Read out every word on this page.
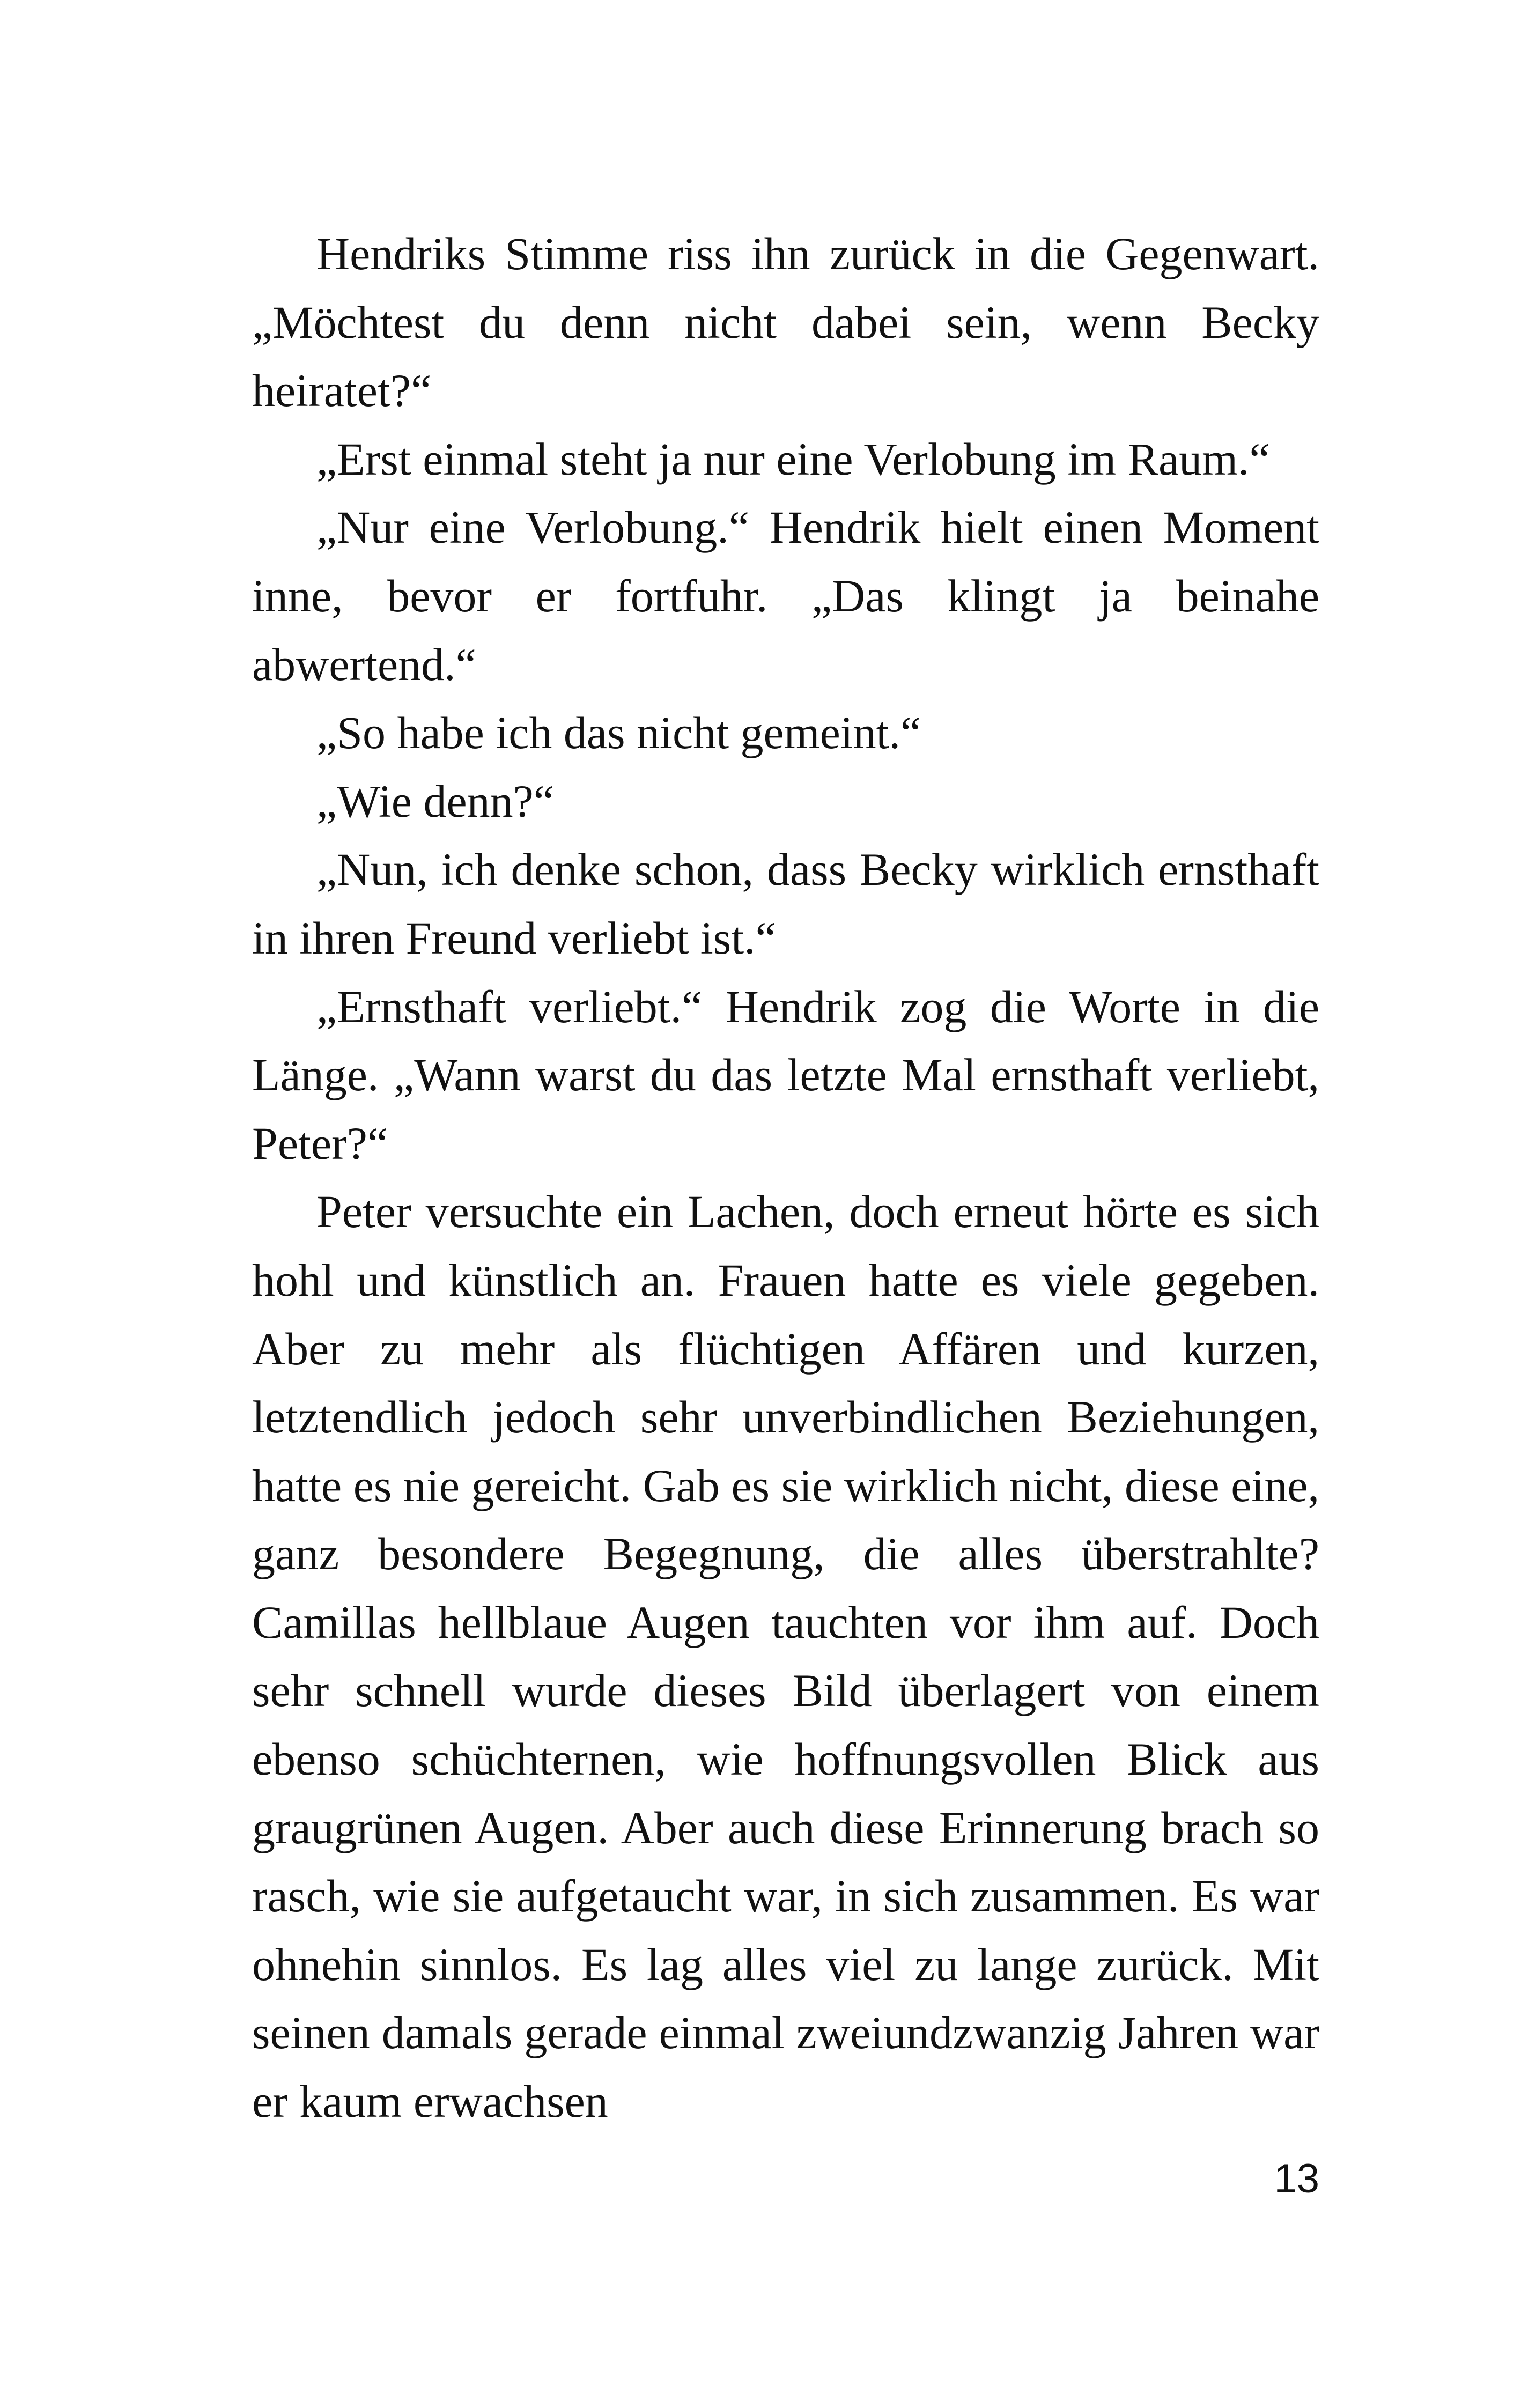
Hendriks Stimme riss ihn zurück in die Gegenwart. „Möchtest du denn nicht dabei sein, wenn Becky heiratet?“

„Erst einmal steht ja nur eine Verlobung im Raum.“

„Nur eine Verlobung.“ Hendrik hielt einen Moment inne, bevor er fortfuhr. „Das klingt ja beinahe abwertend.“

„So habe ich das nicht gemeint.“

„Wie denn?“

„Nun, ich denke schon, dass Becky wirklich ernsthaft in ihren Freund verliebt ist.“

„Ernsthaft verliebt.“ Hendrik zog die Worte in die Länge. „Wann warst du das letzte Mal ernsthaft verliebt, Peter?“

Peter versuchte ein Lachen, doch erneut hörte es sich hohl und künstlich an. Frauen hatte es viele gegeben. Aber zu mehr als flüchtigen Affären und kurzen, letztendlich jedoch sehr unverbindlichen Beziehungen, hatte es nie gereicht. Gab es sie wirklich nicht, diese eine, ganz besondere Begegnung, die alles überstrahlte? Camillas hellblaue Augen tauchten vor ihm auf. Doch sehr schnell wurde dieses Bild überlagert von einem ebenso schüchternen, wie hoffnungsvollen Blick aus graugrünen Augen. Aber auch diese Erinnerung brach so rasch, wie sie aufgetaucht war, in sich zusammen. Es war ohnehin sinnlos. Es lag alles viel zu lange zurück. Mit seinen damals gerade einmal zweiundzwanzig Jahren war er kaum erwachsen

13
